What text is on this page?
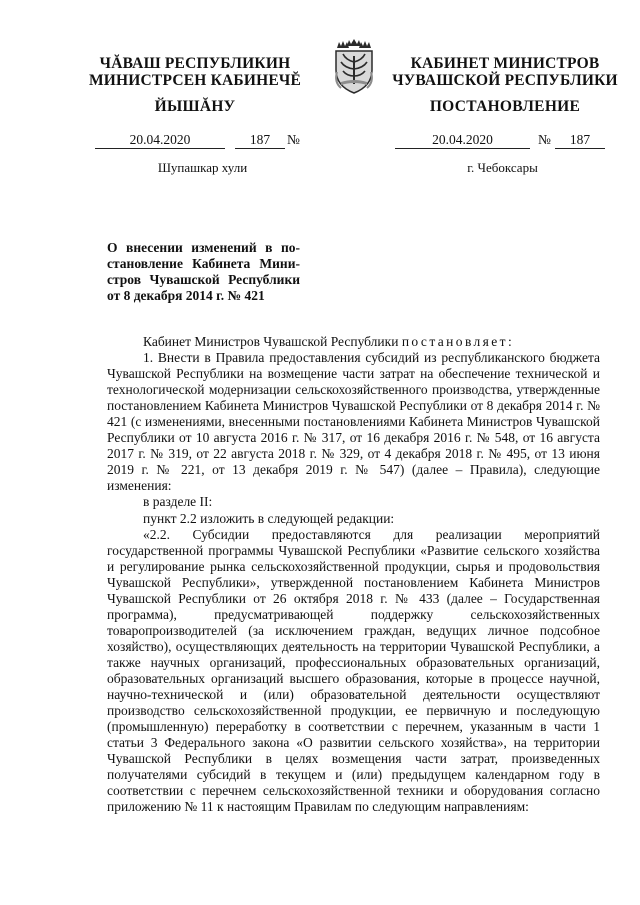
ЧĂВАШ РЕСПУБЛИКИН
МИНИСТРСЕН КАБИНЕЧĔ
ЙЫШĂНУ
КАБИНЕТ МИНИСТРОВ
ЧУВАШСКОЙ РЕСПУБЛИКИ
ПОСТАНОВЛЕНИЕ
20.04.2020	187	№	20.04.2020	№	187
Шупашкар хули	г. Чебоксары
О внесении изменений в по-
становление Кабинета Мини-
стров Чувашской Республики
от 8 декабря 2014 г. № 421

Кабинет Министров Чувашской Республики постановляет:

1. Внести в Правила предоставления субсидий из республиканского бюджета Чувашской Республики на возмещение части затрат на обеспечение технической и технологической модернизации сельскохозяйственного производства, утвержденные постановлением Кабинета Министров Чувашской Республики от 8 декабря 2014 г. № 421 (с изменениями, внесенными постановлениями Кабинета Министров Чувашской Республики от 10 августа 2016 г. № 317, от 16 декабря 2016 г. № 548, от 16 августа 2017 г. № 319, от 22 августа 2018 г. № 329, от 4 декабря 2018 г. № 495, от 13 июня 2019 г. № 221, от 13 декабря 2019 г. № 547) (далее – Правила), следующие изменения:

в разделе II:

пункт 2.2 изложить в следующей редакции:

«2.2. Субсидии предоставляются для реализации мероприятий государственной программы Чувашской Республики «Развитие сельского хозяйства и регулирование рынка сельскохозяйственной продукции, сырья и продовольствия Чувашской Республики», утвержденной постановлением Кабинета Министров Чувашской Республики от 26 октября 2018 г. № 433 (далее – Государственная программа), предусматривающей поддержку сельскохозяйственных товаропроизводителей (за исключением граждан, ведущих личное подсобное хозяйство), осуществляющих деятельность на территории Чувашской Республики, а также научных организаций, профессиональных образовательных организаций, образовательных организаций высшего образования, которые в процессе научной, научно-технической и (или) образовательной деятельности осуществляют производство сельскохозяйственной продукции, ее первичную и последующую (промышленную) переработку в соответствии с перечнем, указанным в части 1 статьи 3 Федерального закона «О развитии сельского хозяйства», на территории Чувашской Республики в целях возмещения части затрат, произведенных получателями субсидий в текущем и (или) предыдущем календарном году в соответствии с перечнем сельскохозяйственной техники и оборудования согласно приложению № 11 к настоящим Правилам по следующим направлениям:
